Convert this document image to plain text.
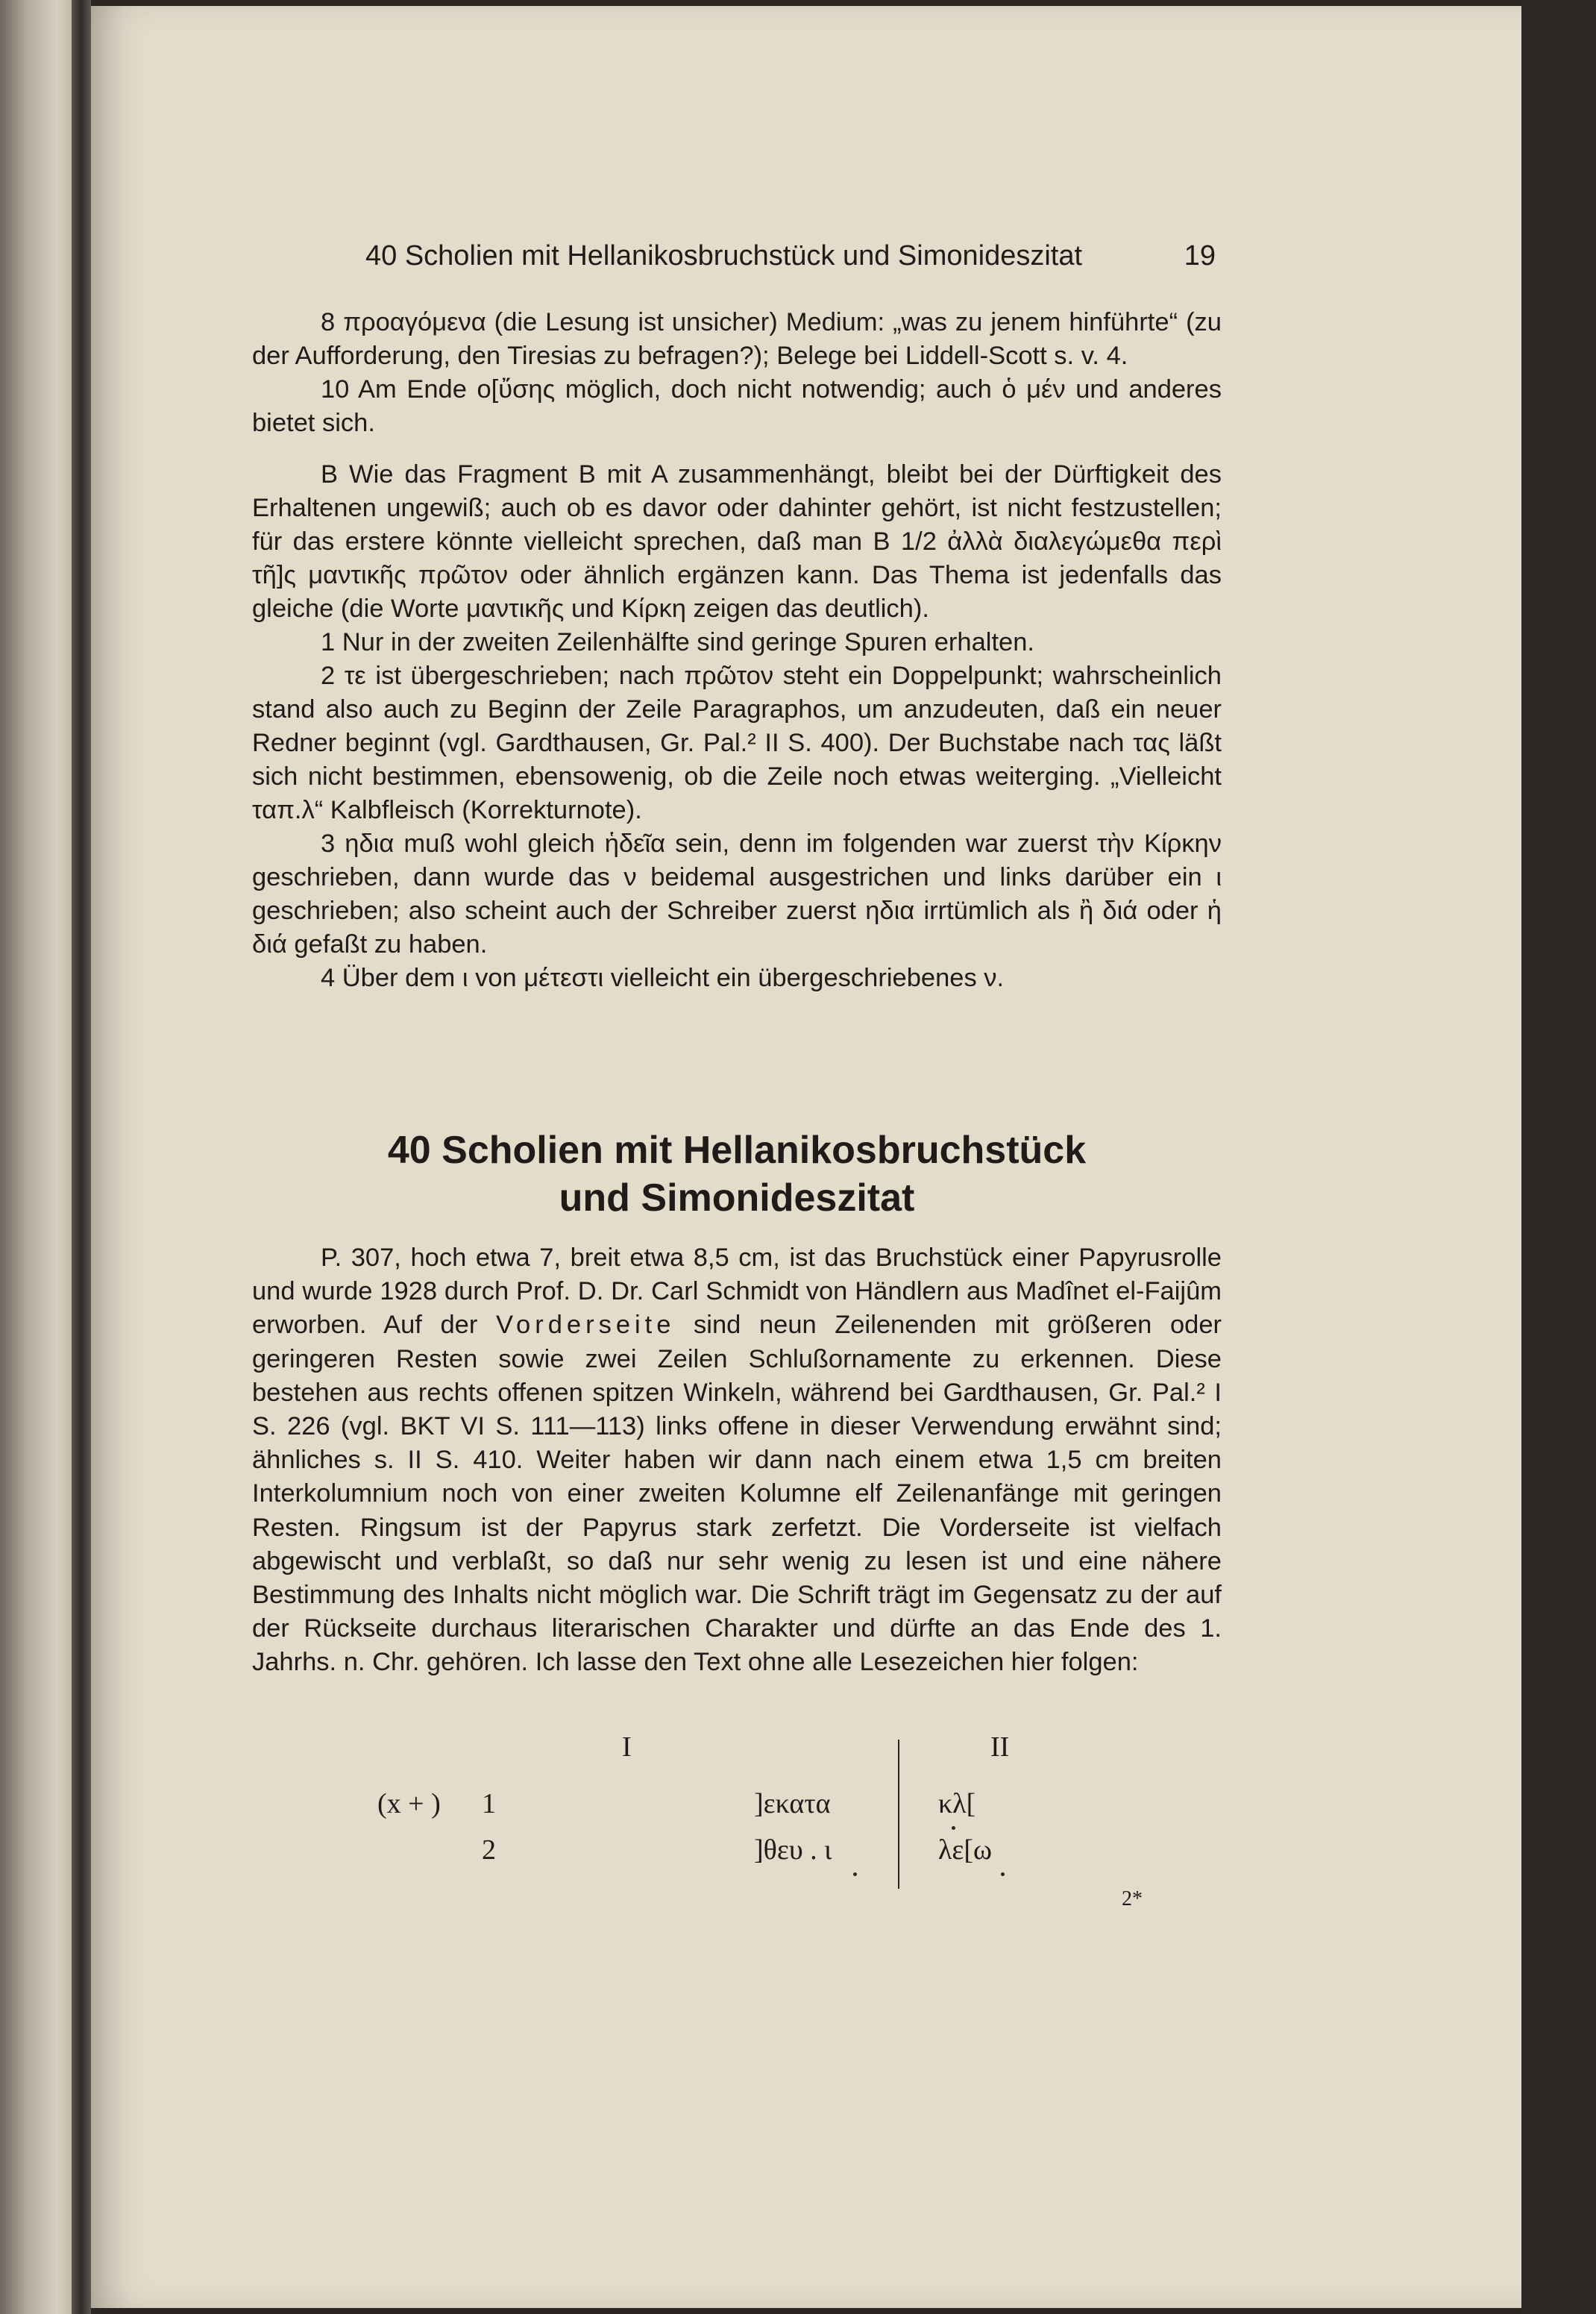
40 Scholien mit Hellanikosbruchstück und Simonideszitat	19

8 προαγόμενα (die Lesung ist unsicher) Medium: „was zu jenem hinführte“ (zu der Aufforderung, den Tiresias zu befragen?); Belege bei Liddell-Scott s. v. 4.

10 Am Ende ο[ὔσης möglich, doch nicht notwendig; auch ὁ μέν und anderes bietet sich.

B Wie das Fragment B mit A zusammenhängt, bleibt bei der Dürftigkeit des Erhaltenen ungewiß; auch ob es davor oder dahinter gehört, ist nicht festzustellen; für das erstere könnte vielleicht sprechen, daß man B 1/2 ἀλλὰ διαλεγώμεθα περὶ τῆ]ς μαντικῆς πρῶτον oder ähnlich ergänzen kann. Das Thema ist jedenfalls das gleiche (die Worte μαντικῆς und Κίρκη zeigen das deutlich).

1 Nur in der zweiten Zeilenhälfte sind geringe Spuren erhalten.

2 τε ist übergeschrieben; nach πρῶτον steht ein Doppelpunkt; wahrscheinlich stand also auch zu Beginn der Zeile Paragraphos, um anzudeuten, daß ein neuer Redner beginnt (vgl. Gardthausen, Gr. Pal.² II S. 400). Der Buchstabe nach τας läßt sich nicht bestimmen, ebensowenig, ob die Zeile noch etwas weiterging. „Vielleicht ταπ.λ“ Kalbfleisch (Korrekturnote).

3 ηδια muß wohl gleich ἡδεῖα sein, denn im folgenden war zuerst τὴν Κίρκην geschrieben, dann wurde das ν beidemal ausgestrichen und links darüber ein ι geschrieben; also scheint auch der Schreiber zuerst ηδια irrtümlich als ἢ διά oder ἡ διά gefaßt zu haben.

4 Über dem ι von μέτεστι vielleicht ein übergeschriebenes ν.

40 Scholien mit Hellanikosbruchstück
und Simonideszitat

P. 307, hoch etwa 7, breit etwa 8,5 cm, ist das Bruchstück einer Papyrusrolle und wurde 1928 durch Prof. D. Dr. Carl Schmidt von Händlern aus Madînet el-Faijûm erworben. Auf der Vorderseite sind neun Zeilenenden mit größeren oder geringeren Resten sowie zwei Zeilen Schlußornamente zu erkennen. Diese bestehen aus rechts offenen spitzen Winkeln, während bei Gardthausen, Gr. Pal.² I S. 226 (vgl. BKT VI S. 111—113) links offene in dieser Verwendung erwähnt sind; ähnliches s. II S. 410. Weiter haben wir dann nach einem etwa 1,5 cm breiten Interkolumnium noch von einer zweiten Kolumne elf Zeilenanfänge mit geringen Resten. Ringsum ist der Papyrus stark zerfetzt. Die Vorderseite ist vielfach abgewischt und verblaßt, so daß nur sehr wenig zu lesen ist und eine nähere Bestimmung des Inhalts nicht möglich war. Die Schrift trägt im Gegensatz zu der auf der Rückseite durchaus literarischen Charakter und dürfte an das Ende des 1. Jahrhs. n. Chr. gehören. Ich lasse den Text ohne alle Lesezeichen hier folgen:

I	II
(x + ) 1	]εκατα	κλ[
2	]θευ . ι	λε[ω
2*
